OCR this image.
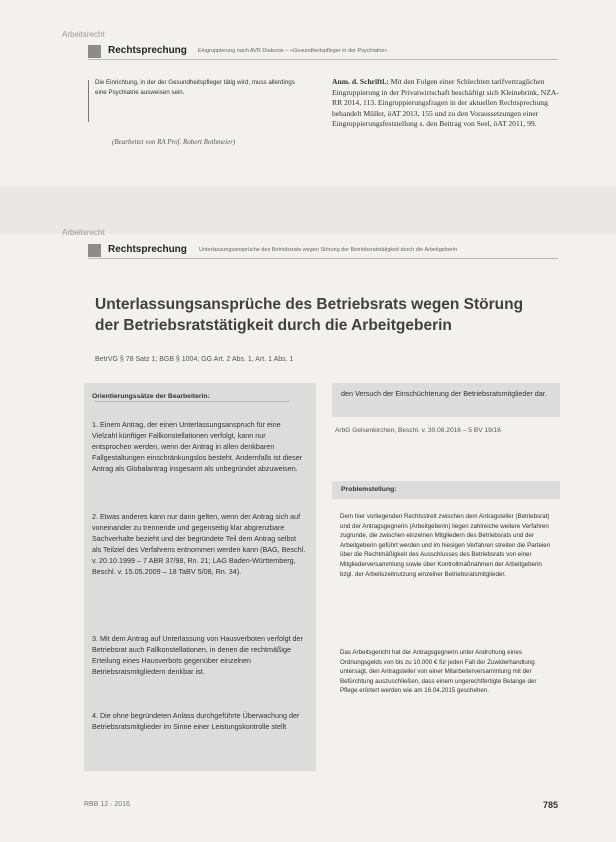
Arbeitsrecht
Rechtsprechung Eingruppierung nach AVR Diakonie – »Gesundheitspfleger in der Psychiatrie«
Die Einrichtung, in der der Gesundheitspfleger tätig wird, muss allerdings eine Psychiatrie ausweisen sein.
(Bearbeitet von RA Prof. Robert Rothmeier)
Anm. d. Schriftl.: Mit den Folgen einer Schlechten tarifvertraglichen Eingruppierung in der Privatwirtschaft beschäftigt sich Kleinebrink, NZA-RR 2014, 113. Eingruppierungsfragen in der aktuellen Rechtsprechung behandelt Müller, öAT 2013, 155 und zu den Voraussetzungen einer Eingruppierungsfeststellung s. den Beitrag von Seel, öAT 2011, 99.
Arbeitsrecht
Rechtsprechung Unterlassungsansprüche des Betriebsrats wegen Störung der Betriebsratstätigkeit durch die Arbeitgeberin
Unterlassungsansprüche des Betriebsrats wegen Störung
der Betriebsratstätigkeit durch die Arbeitgeberin
BetrVG § 78 Satz 1; BGB § 1004; GG Art. 2 Abs. 1, Art. 1 Abs. 1
Orientierungssätze der Bearbeiterin:
1. Einem Antrag, der einen Unterlassungsanspruch für eine Vielzahl künftiger Fallkonstellationen verfolgt, kann nur entsprochen werden, wenn der Antrag in allen denkbaren Fallgestaltungen einschränkungslos besteht. Andernfalls ist dieser Antrag als Globalantrag insgesamt als unbegründet abzuweisen.
2. Etwas anderes kann nur dann gelten, wenn der Antrag sich auf voneinander zu trennende und gegenseitig klar abgrenzbare Sachverhalte bezieht und der begründete Teil dem Antrag selbst als Teilziel des Verfahrens entnommen werden kann (BAG, Beschl. v. 20.10.1999 – 7 ABR 37/98, Rn. 21; LAG Baden-Württemberg, Beschl. v. 15.05.2009 – 18 TaBV 5/08, Rn. 34).
3. Mit dem Antrag auf Unterlassung von Hausverboten verfolgt der Betriebsrat auch Fallkonstellationen, in denen die rechtmäßige Erteilung eines Hausverbots gegenüber einzelnen Betriebsratsmitgliedern denkbar ist.
4. Die ohne begründeten Anlass durchgeführte Überwachung der Betriebsratsmitglieder im Sinne einer Leistungskontrolle stellt
den Versuch der Einschüchterung der Betriebsratsmitglieder dar.
ArbG Gelsenkirchen, Beschl. v. 30.08.2016 – 5 BV 19/16
Problemstellung:
Dem hier vorliegenden Rechtsstreit zwischen dem Antragsteller (Betriebsrat) und der Antragsgegnerin (Arbeitgeberin) liegen zahlreiche weitere Verfahren zugrunde, die zwischen einzelnen Mitgliedern des Betriebsrats und der Arbeitgeberin geführt werden und im hiesigen Verfahren streiten die Parteien über die Rechtmäßigkeit des Ausschlusses des Betriebsrats von einer Mitgliederversammlung sowie über Kontrollmaßnahmen der Arbeitgeberin bzgl. der Arbeitszeitnutzung einzelner Betriebsratsmitglieder.
Das Arbeitsgericht hat der Antragsgegnerin unter Androhung eines Ordnungsgelds von bis zu 10.000 € für jeden Fall der Zuwiderhandlung untersagt, den Antragsteller von einer Mitarbeiterversammlung mit der Befürchtung auszuschließen, dass einem ungerechtfertigte Belange der Pflege erörtert werden wie am 16.04.2015 geschehen.
RBB 12 · 2016	785
